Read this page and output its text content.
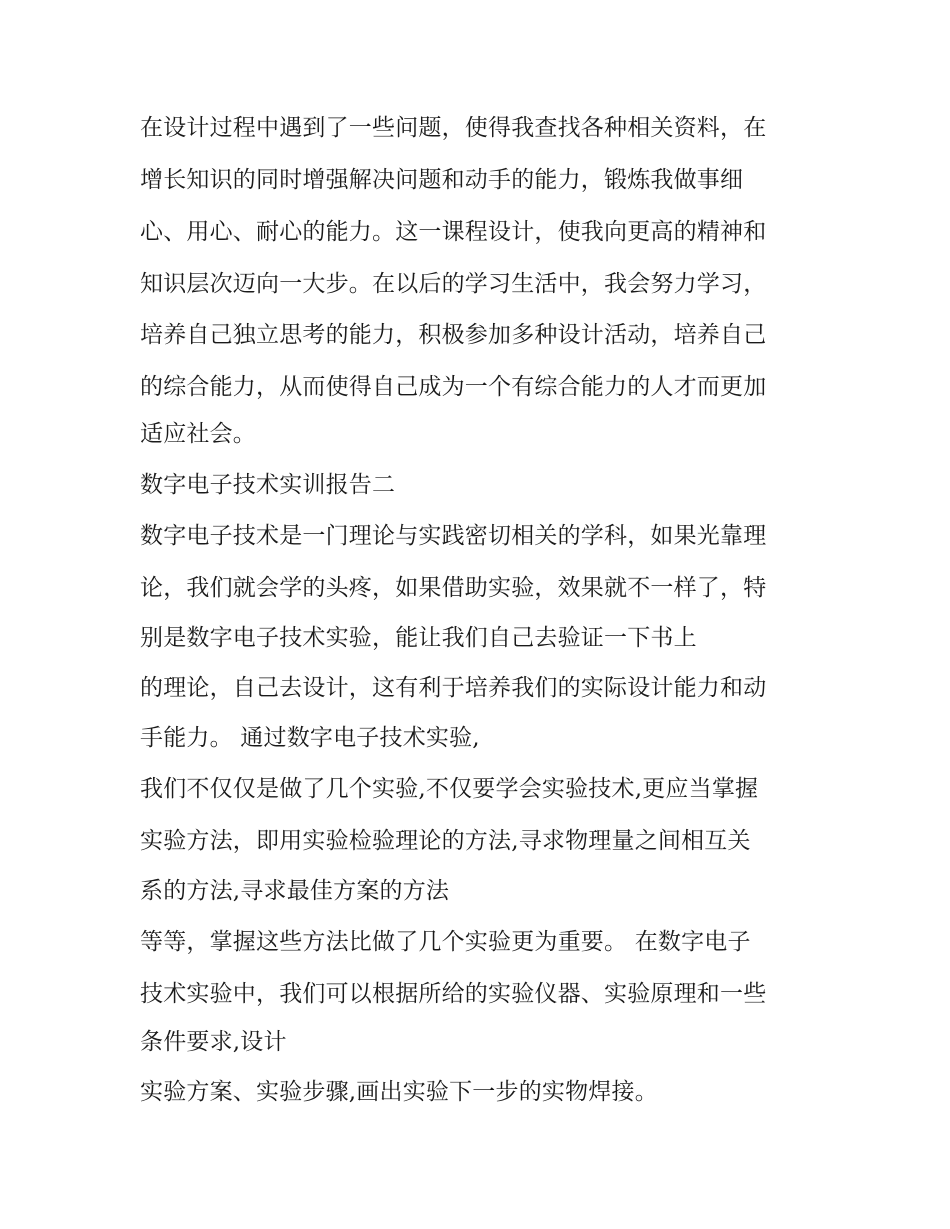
在设计过程中遇到了一些问题，使得我查找各种相关资料，在

增长知识的同时增强解决问题和动手的能力，锻炼我做事细

心、用心、耐心的能力。这一课程设计，使我向更高的精神和

知识层次迈向一大步。在以后的学习生活中，我会努力学习，

培养自己独立思考的能力，积极参加多种设计活动，培养自己

的综合能力，从而使得自己成为一个有综合能力的人才而更加

适应社会。

数字电子技术实训报告二

数字电子技术是一门理论与实践密切相关的学科，如果光靠理

论，我们就会学的头疼，如果借助实验，效果就不一样了，特

别是数字电子技术实验，能让我们自己去验证一下书上

的理论，自己去设计，这有利于培养我们的实际设计能力和动

手能力。 通过数字电子技术实验,

我们不仅仅是做了几个实验,不仅要学会实验技术,更应当掌握

实验方法，即用实验检验理论的方法,寻求物理量之间相互关

系的方法,寻求最佳方案的方法

等等，掌握这些方法比做了几个实验更为重要。 在数字电子

技术实验中，我们可以根据所给的实验仪器、实验原理和一些

条件要求,设计

实验方案、实验步骤,画出实验下一步的实物焊接。
